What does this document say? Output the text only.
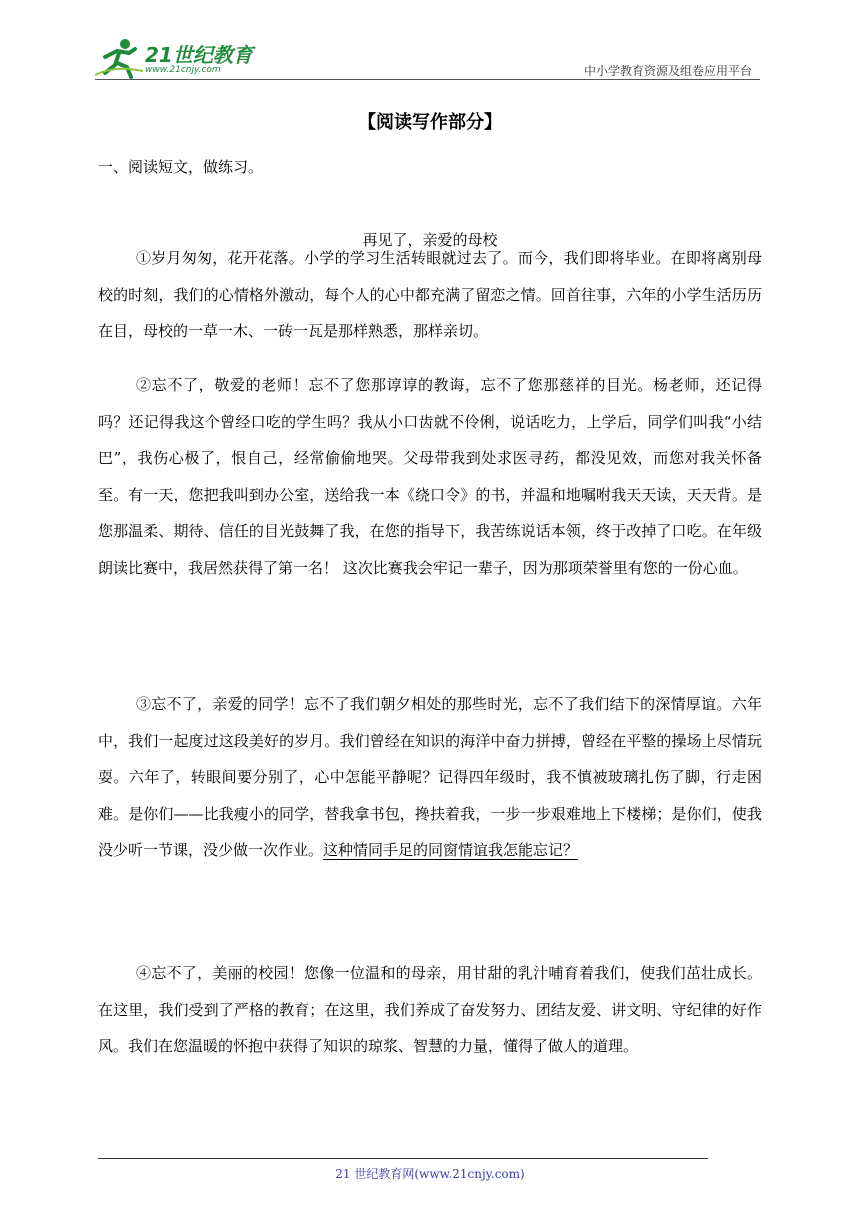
21世纪教育
www.21cnjy.com	中小学教育资源及组卷应用平台
【阅读写作部分】
一、阅读短文，做练习。
再见了，亲爱的母校

①岁月匆匆，花开花落。小学的学习生活转眼就过去了。而今，我们即将毕业。在即将离别母校的时刻，我们的心情格外激动，每个人的心中都充满了留恋之情。回首往事，六年的小学生活历历在目，母校的一草一木、一砖一瓦是那样熟悉，那样亲切。

②忘不了，敬爱的老师！忘不了您那谆谆的教诲，忘不了您那慈祥的目光。杨老师，还记得吗？还记得我这个曾经口吃的学生吗？我从小口齿就不伶俐，说话吃力，上学后，同学们叫我“小结巴”，我伤心极了，恨自己，经常偷偷地哭。父母带我到处求医寻药，都没见效，而您对我关怀备至。有一天，您把我叫到办公室，送给我一本《绕口令》的书，并温和地嘱咐我天天读，天天背。是您那温柔、期待、信任的目光鼓舞了我，在您的指导下，我苦练说话本领，终于改掉了口吃。在年级朗读比赛中，我居然获得了第一名！ 这次比赛我会牢记一辈子，因为那项荣誉里有您的一份心血。

③忘不了，亲爱的同学！忘不了我们朝夕相处的那些时光，忘不了我们结下的深情厚谊。六年中，我们一起度过这段美好的岁月。我们曾经在知识的海洋中奋力拼搏，曾经在平整的操场上尽情玩耍。六年了，转眼间要分别了，心中怎能平静呢？记得四年级时，我不慎被玻璃扎伤了脚，行走困难。是你们——比我瘦小的同学，替我拿书包，搀扶着我，一步一步艰难地上下楼梯；是你们，使我没少听一节课，没少做一次作业。这种情同手足的同窗情谊我怎能忘记？

④忘不了，美丽的校园！您像一位温和的母亲，用甘甜的乳汁哺育着我们，使我们茁壮成长。在这里，我们受到了严格的教育；在这里，我们养成了奋发努力、团结友爱、讲文明、守纪律的好作风。我们在您温暖的怀抱中获得了知识的琼浆、智慧的力量，懂得了做人的道理。

21 世纪教育网(www.21cnjy.com)
